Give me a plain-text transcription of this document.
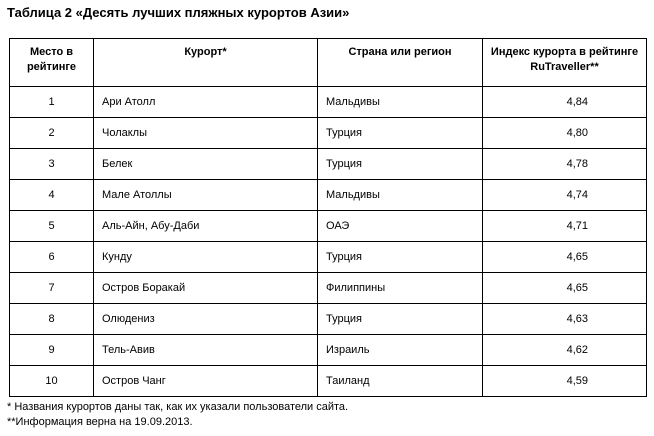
Таблица 2 «Десять лучших пляжных курортов Азии»
Место в рейтинге	Курорт*	Страна или регион	Индекс курорта в рейтинге RuTraveller**
1	Ари Атолл	Мальдивы	4,84
2	Чолаклы	Турция	4,80
3	Белек	Турция	4,78
4	Мале Атоллы	Мальдивы	4,74
5	Аль-Айн, Абу-Даби	ОАЭ	4,71
6	Кунду	Турция	4,65
7	Остров Боракай	Филиппины	4,65
8	Олюдениз	Турция	4,63
9	Тель-Авив	Израиль	4,62
10	Остров Чанг	Таиланд	4,59
* Названия курортов даны так, как их указали пользователи сайта.
**Информация верна на 19.09.2013.
